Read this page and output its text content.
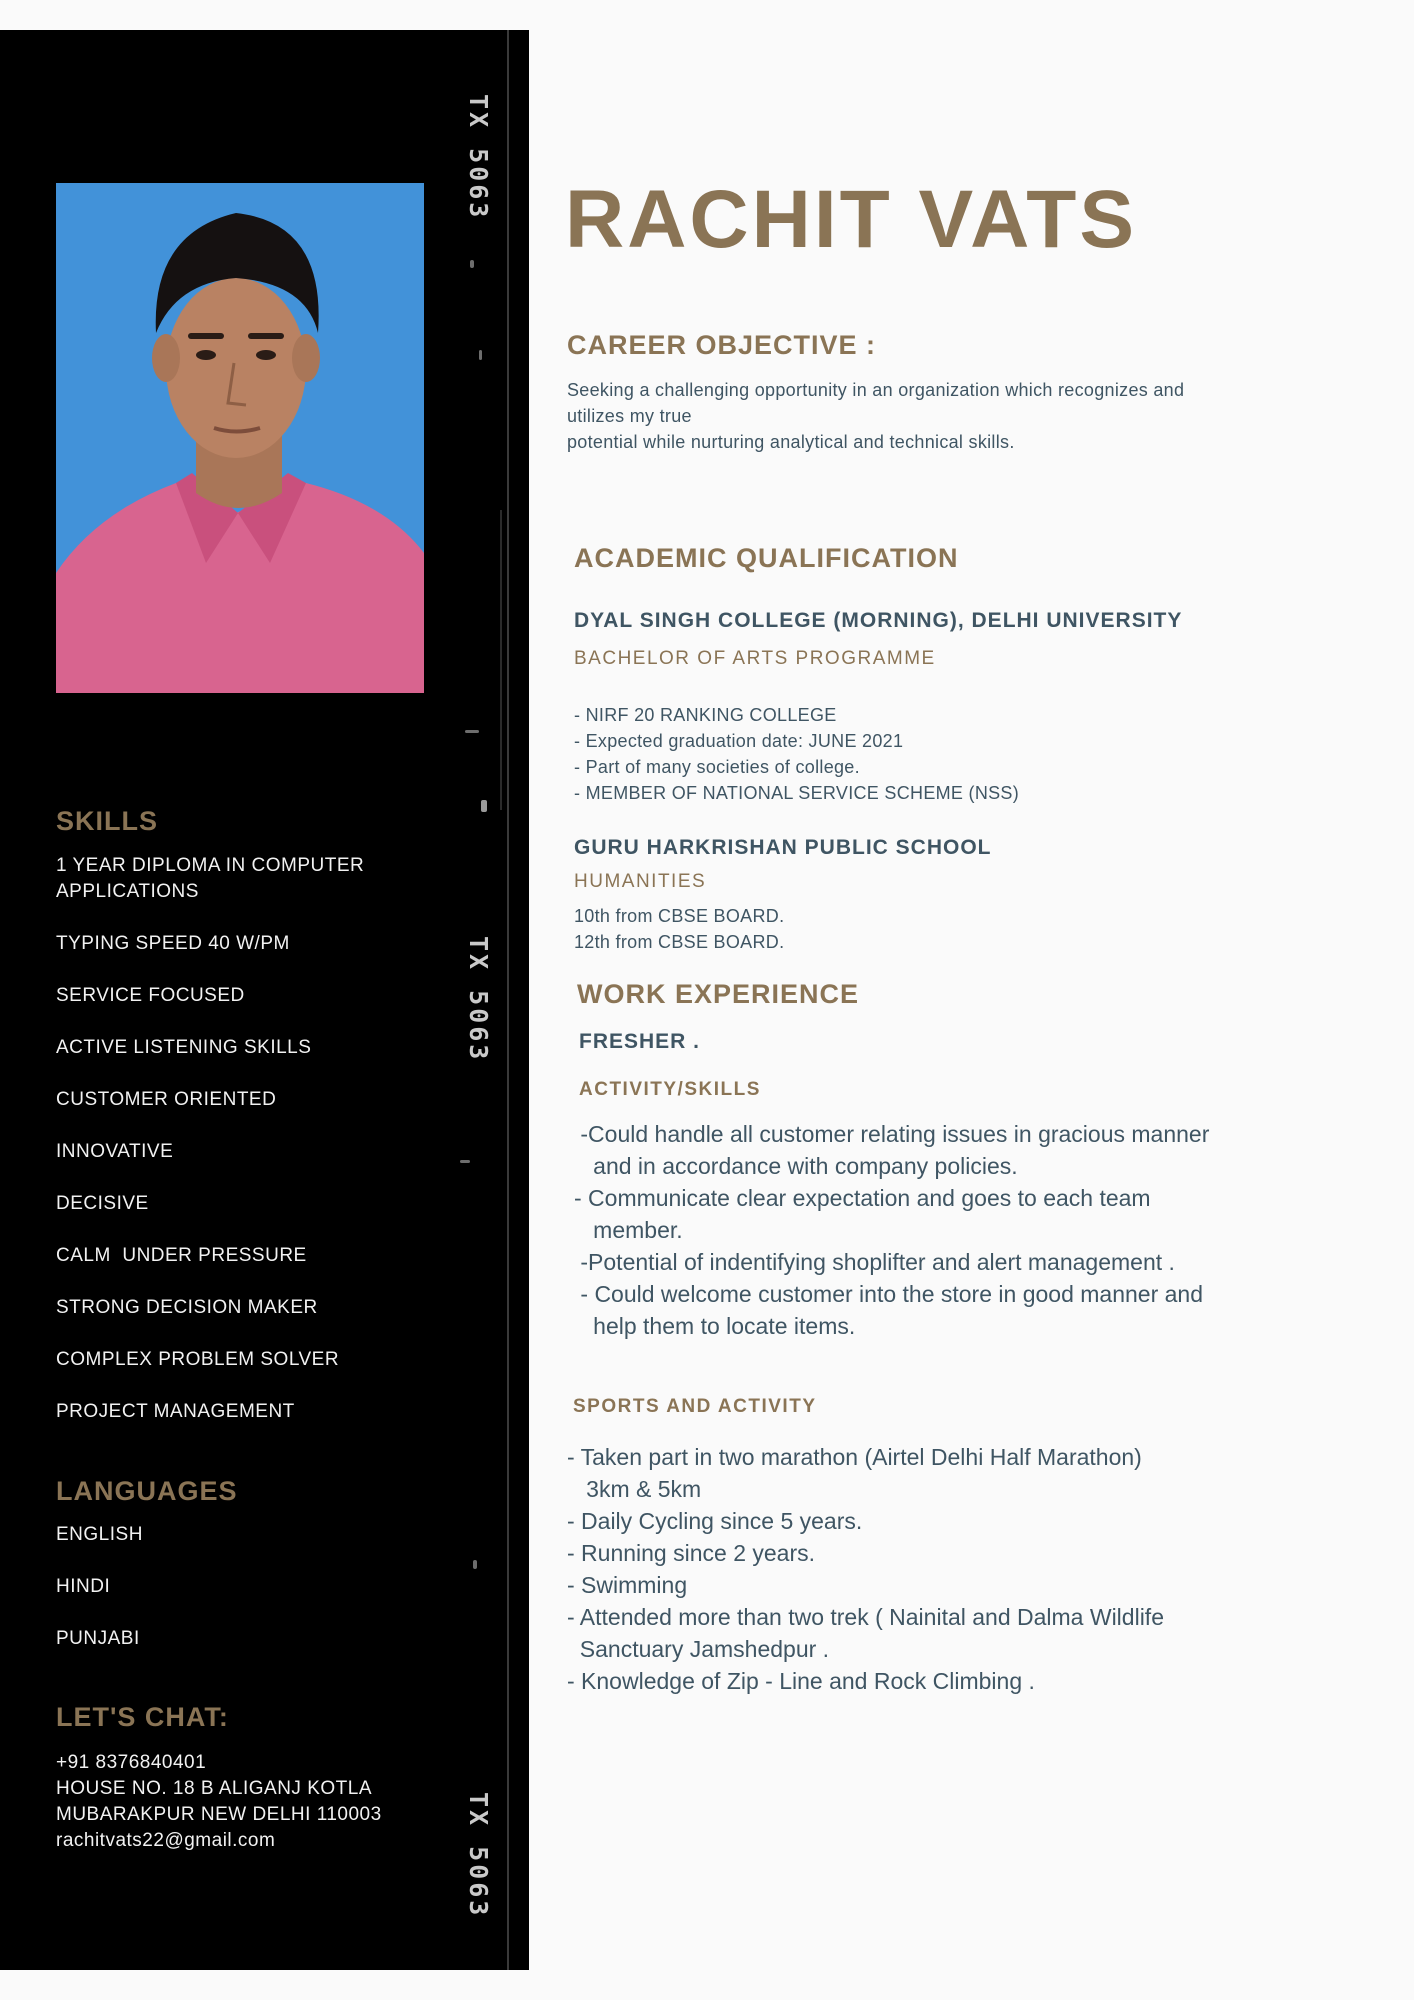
TX 5063
TX 5063
TX 5063
SKILLS
1 YEAR DIPLOMA IN COMPUTER APPLICATIONS
TYPING SPEED 40 W/PM
SERVICE FOCUSED
ACTIVE LISTENING SKILLS
CUSTOMER ORIENTED
INNOVATIVE
DECISIVE
CALM  UNDER PRESSURE
STRONG DECISION MAKER
COMPLEX PROBLEM SOLVER
PROJECT MANAGEMENT
LANGUAGES
ENGLISH
HINDI
PUNJABI
LET'S CHAT:
+91 8376840401
HOUSE NO. 18 B ALIGANJ KOTLA
MUBARAKPUR NEW DELHI 110003
rachitvats22@gmail.com
RACHIT VATS
CAREER OBJECTIVE :
Seeking a challenging opportunity in an organization which recognizes and
utilizes my true
potential while nurturing analytical and technical skills.
ACADEMIC QUALIFICATION
DYAL SINGH COLLEGE (MORNING), DELHI UNIVERSITY
BACHELOR OF ARTS PROGRAMME
- NIRF 20 RANKING COLLEGE
- Expected graduation date: JUNE 2021
- Part of many societies of college.
- MEMBER OF NATIONAL SERVICE SCHEME (NSS)
GURU HARKRISHAN PUBLIC SCHOOL
HUMANITIES
10th from CBSE BOARD.
12th from CBSE BOARD.
WORK EXPERIENCE
FRESHER .
ACTIVITY/SKILLS
-Could handle all customer relating issues in gracious manner
and in accordance with company policies.
- Communicate clear expectation and goes to each team
member.
-Potential of indentifying shoplifter and alert management .
- Could welcome customer into the store in good manner and
help them to locate items.
SPORTS AND ACTIVITY
- Taken part in two marathon (Airtel Delhi Half Marathon)
3km & 5km
- Daily Cycling since 5 years.
- Running since 2 years.
- Swimming
- Attended more than two trek ( Nainital and Dalma Wildlife
Sanctuary Jamshedpur .
- Knowledge of Zip - Line and Rock Climbing .
